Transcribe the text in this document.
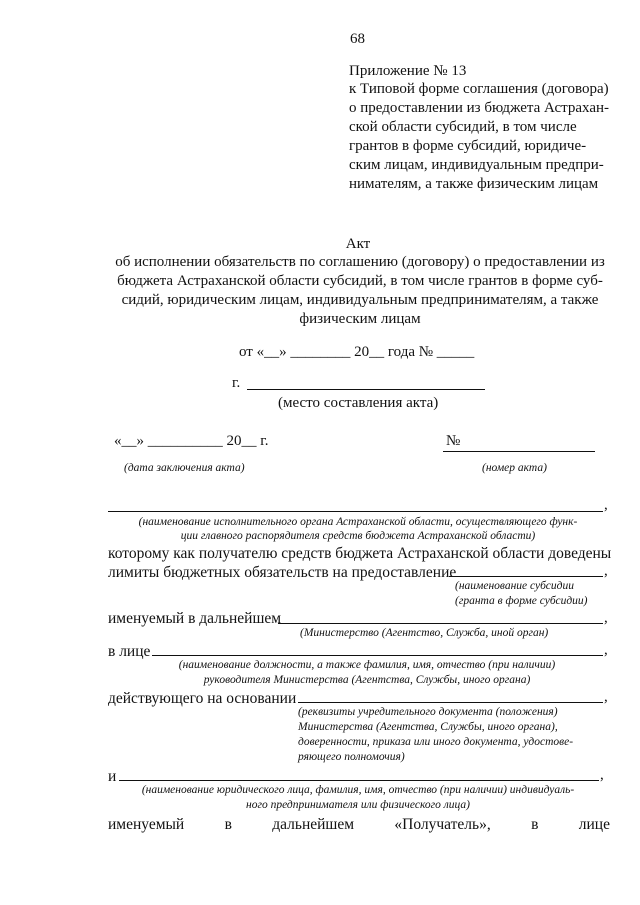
68
Приложение № 13
к Типовой форме соглашения (договора)
о предоставлении из бюджета Астрахан-
ской области субсидий, в том числе
грантов в форме субсидий, юридиче-
ским лицам, индивидуальным предпри-
нимателям, а также физическим лицам
Акт
об исполнении обязательств по соглашению (договору) о предоставлении из
бюджета Астраханской области субсидий, в том числе грантов в форме суб-
сидий, юридическим лицам, индивидуальным предпринимателям, а также
физическим лицам
от «__» ________ 20__ года № _____
г.
(место составления акта)
«__» __________ 20__ г.	№
(дата заключения акта)	(номер акта)
,
(наименование исполнительного органа Астраханской области, осуществляющего функ-
ции главного распорядителя средств бюджета Астраханской области)
которому как получателю средств бюджета Астраханской области доведены
лимиты бюджетных обязательств на предоставление	,
(наименование субсидии
(гранта в форме субсидии)
именуемый в дальнейшем	,
(Министерство (Агентство, Служба, иной орган)
в лице	,
(наименование должности, а также фамилия, имя, отчество (при наличии)
руководителя Министерства (Агентства, Службы, иного органа)
действующего на основании	,
(реквизиты учредительного документа (положения)
Министерства (Агентства, Службы, иного органа),
доверенности, приказа или иного документа, удостове-
ряющего полномочия)
и	,
(наименование юридического лица, фамилия, имя, отчество (при наличии) индивидуаль-
ного предпринимателя или физического лица)
именуемый	в	дальнейшем	«Получатель»,	в	лице
